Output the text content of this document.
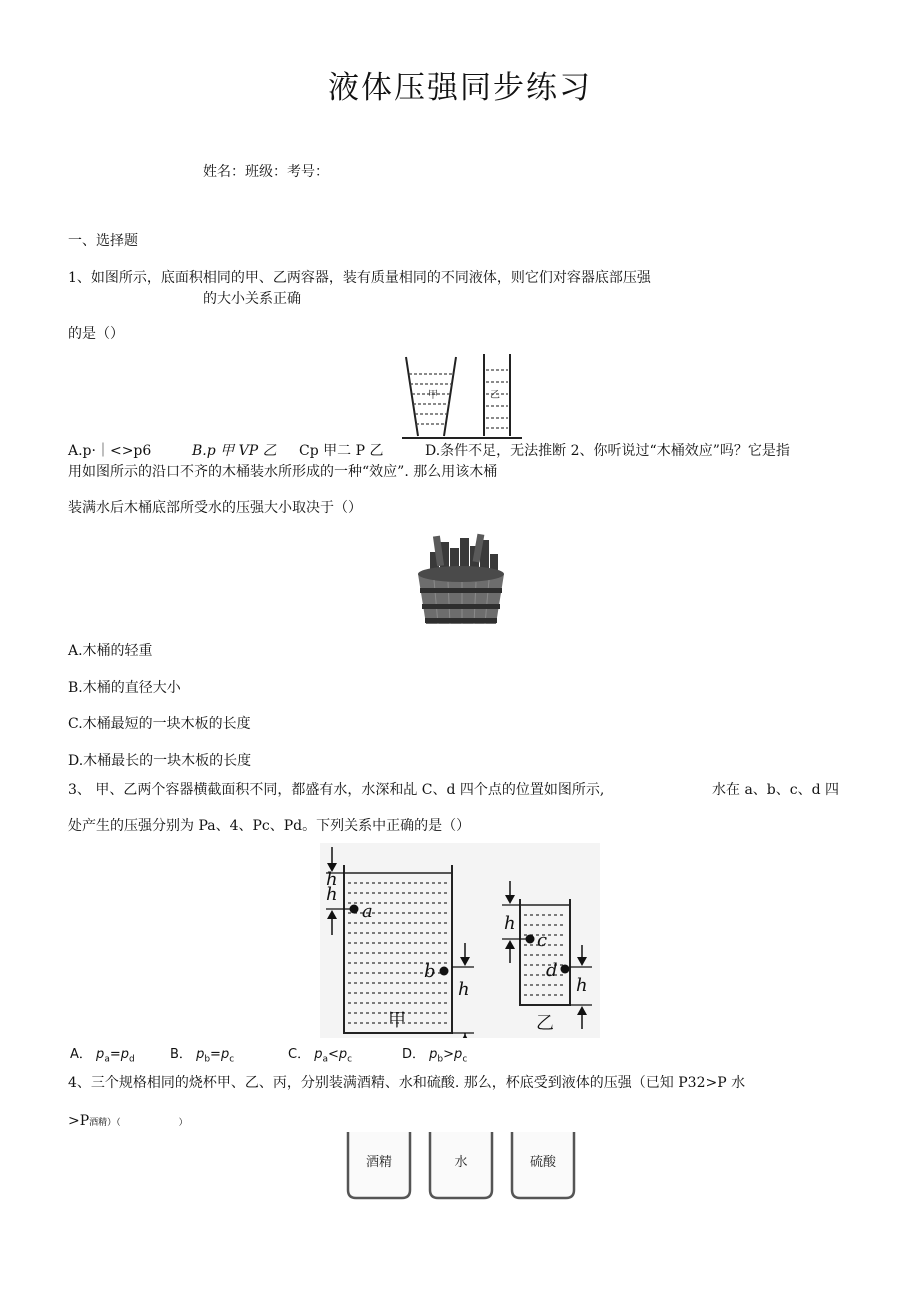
液体压强同步练习
姓名：班级：考号：
一、选择题
1、如图所示，底面积相同的甲、乙两容器，装有质量相同的不同液体，则它们对容器底部压强
的大小关系正确
的是（）
甲	乙
A.p·｜<>p6	B.p 甲 VP 乙 Cp 甲二 P 乙	D.条件不足，无法推断 2、你听说过“木桶效应”吗？它是指
用如图所示的沿口不齐的木桶装水所形成的一种“效应”. 那么用该木桶
装满水后木桶底部所受水的压强大小取决于（）
A.木桶的轻重
B.木桶的直径大小
C.木桶最短的一块木板的长度
D.木桶最长的一块木板的长度
3、 甲、乙两个容器横截面积不同，都盛有水，水深和乩 C、d 四个点的位置如图所示,	水在 a、b、c、d 四
处产生的压强分别为 Pa、4、Pc、Pd。下列关系中正确的是（）
h
h
a
b
h
甲
h
c
d
h
乙
A． $p_a=p_d$	B． $p_b=p_c$	C． $p_a<p_c$	D． $p_b>p_c$
4、三个规格相同的烧杯甲、乙、丙，分别装满酒精、水和硫酸. 那么，杯底受到液体的压强（已知 P32>P 水
>P酒精）（	）
酒精	水	硫酸
